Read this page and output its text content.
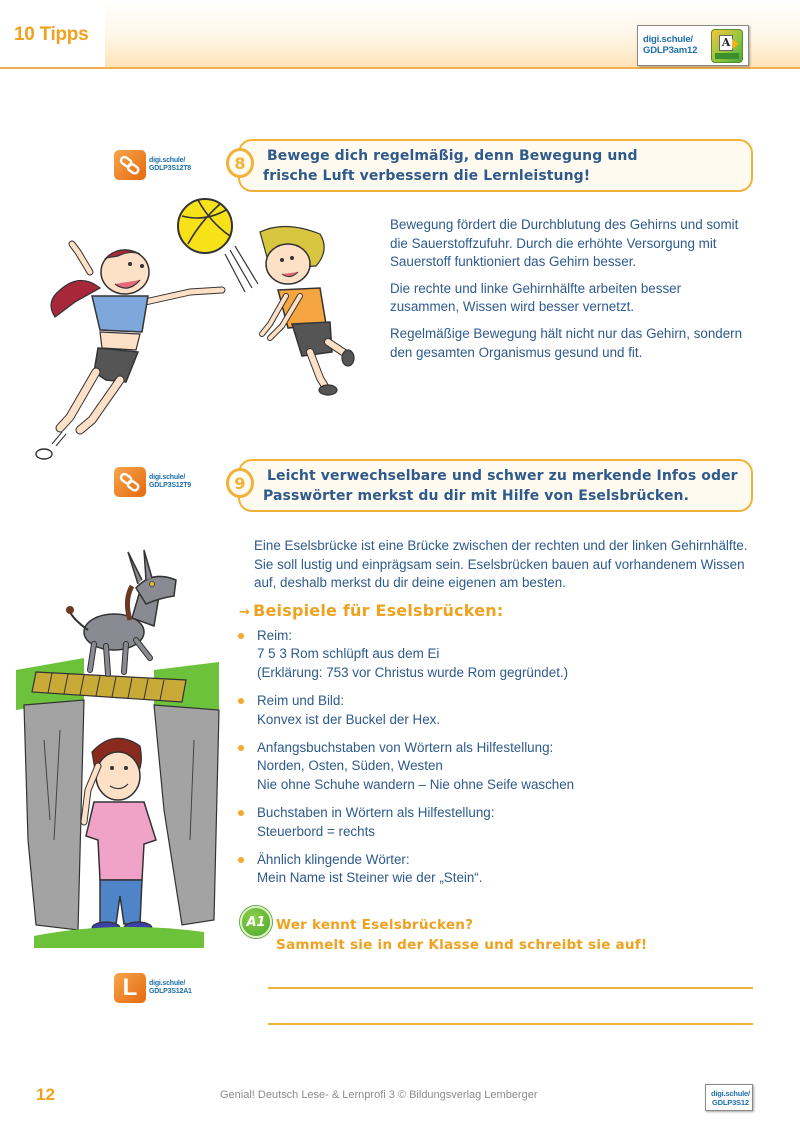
10 Tipps	digi.schule/
GDLP3am12
A
digi.schule/
GDLP3S12T8	8	Bewege dich regelmäßig, denn Bewegung und
frische Luft verbessern die Lernleistung!

Bewegung fördert die Durchblutung des Gehirns und somit die Sauerstoffzufuhr. Durch die erhöhte Versorgung mit Sauerstoff funktioniert das Gehirn besser.

Die rechte und linke Gehirnhälfte arbeiten besser zusammen, Wissen wird besser vernetzt.

Regelmäßige Bewegung hält nicht nur das Gehirn, sondern den gesamten Organismus gesund und fit.

digi.schule/
GDLP3S12T9	9	Leicht verwechselbare und schwer zu merkende Infos oder
Passwörter merkst du dir mit Hilfe von Eselsbrücken.

Eine Eselsbrücke ist eine Brücke zwischen der rechten und der linken Gehirnhälfte. Sie soll lustig und einprägsam sein. Eselsbrücken bauen auf vorhandenem Wissen auf, deshalb merkst du dir deine eigenen am besten.

→ Beispiele für Eselsbrücken:
Reim:
7 5 3 Rom schlüpft aus dem Ei
(Erklärung: 753 vor Christus wurde Rom gegründet.)
Reim und Bild:
Konvex ist der Buckel der Hex.
Anfangsbuchstaben von Wörtern als Hilfestellung:
Norden, Osten, Süden, Westen
Nie ohne Schuhe wandern – Nie ohne Seife waschen
Buchstaben in Wörtern als Hilfestellung:
Steuerbord = rechts
Ähnlich klingende Wörter:
Mein Name ist Steiner wie der „Stein“.
A1 Wer kennt Eselsbrücken?
Sammelt sie in der Klasse und schreibt sie auf!
L digi.schule/
GDLP3S12A1
12	Genial! Deutsch Lese- & Lernprofi 3 © Bildungsverlag Lemberger	digi.schule/
GDLP3S12
